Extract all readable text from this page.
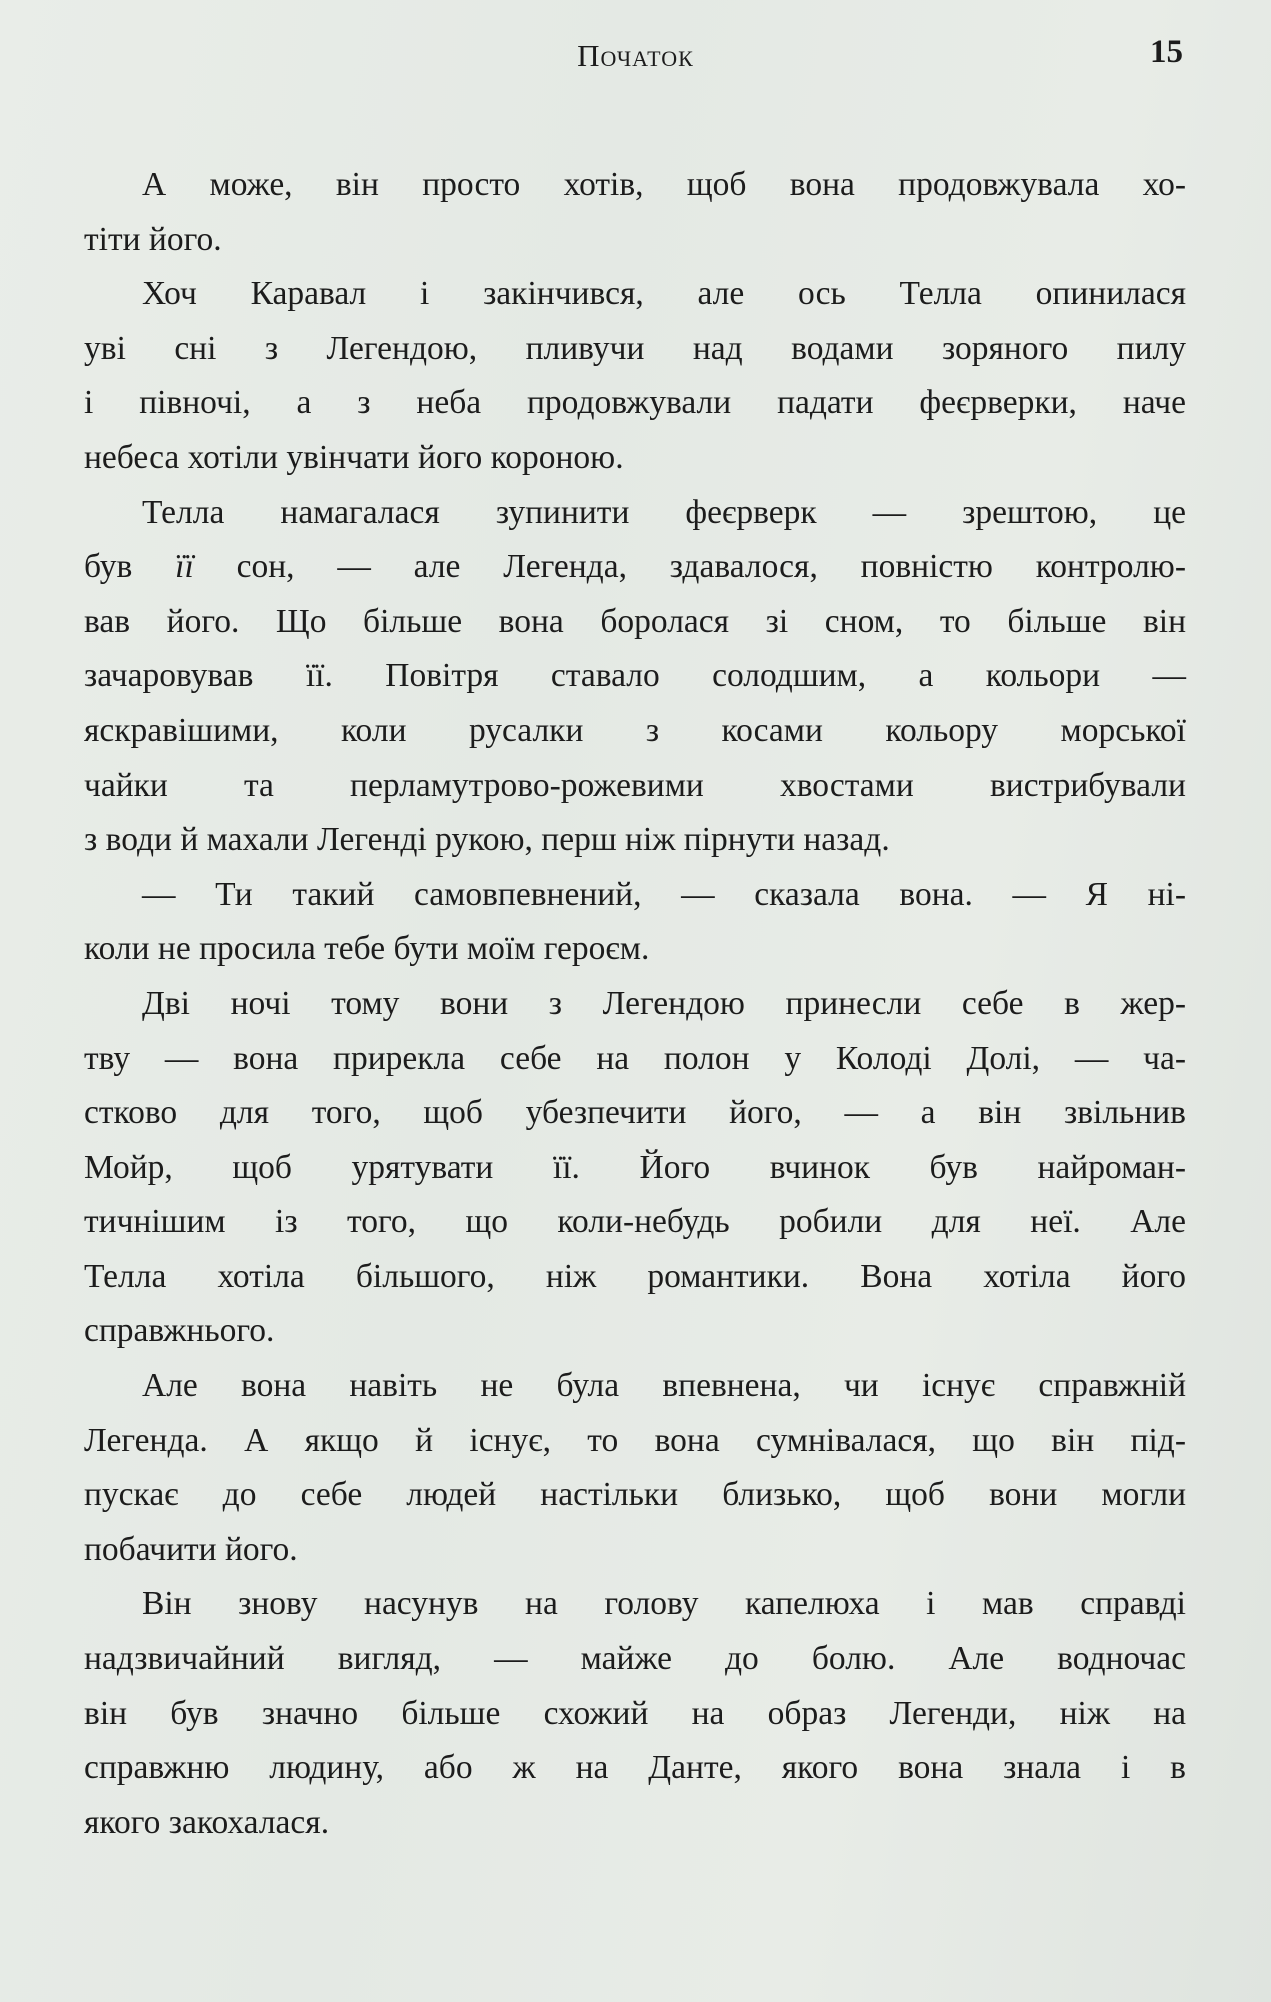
Початок	15
А може, він просто хотів, щоб вона продовжувала хо-
тіти його.
Хоч Каравал і закінчився, але ось Телла опинилася
уві сні з Легендою, пливучи над водами зоряного пилу
і півночі, а з неба продовжували падати феєрверки, наче
небеса хотіли увінчати його короною.
Телла намагалася зупинити феєрверк — зрештою, це
був її сон, — але Легенда, здавалося, повністю контролю-
вав його. Що більше вона боролася зі сном, то більше він
зачаровував її. Повітря ставало солодшим, а кольори —
яскравішими, коли русалки з косами кольору морської
чайки та перламутрово-рожевими хвостами вистрибували
з води й махали Легенді рукою, перш ніж пірнути назад.
— Ти такий самовпевнений, — сказала вона. — Я ні-
коли не просила тебе бути моїм героєм.
Дві ночі тому вони з Легендою принесли себе в жер-
тву — вона прирекла себе на полон у Колоді Долі, — ча-
стково для того, щоб убезпечити його, — а він звільнив
Мойр, щоб урятувати її. Його вчинок був найроман-
тичнішим із того, що коли-небудь робили для неї. Але
Телла хотіла більшого, ніж романтики. Вона хотіла його
справжнього.
Але вона навіть не була впевнена, чи існує справжній
Легенда. А якщо й існує, то вона сумнівалася, що він під-
пускає до себе людей настільки близько, щоб вони могли
побачити його.
Він знову насунув на голову капелюха і мав справді
надзвичайний вигляд, — майже до болю. Але водночас
він був значно більше схожий на образ Легенди, ніж на
справжню людину, або ж на Данте, якого вона знала і в
якого закохалася.
